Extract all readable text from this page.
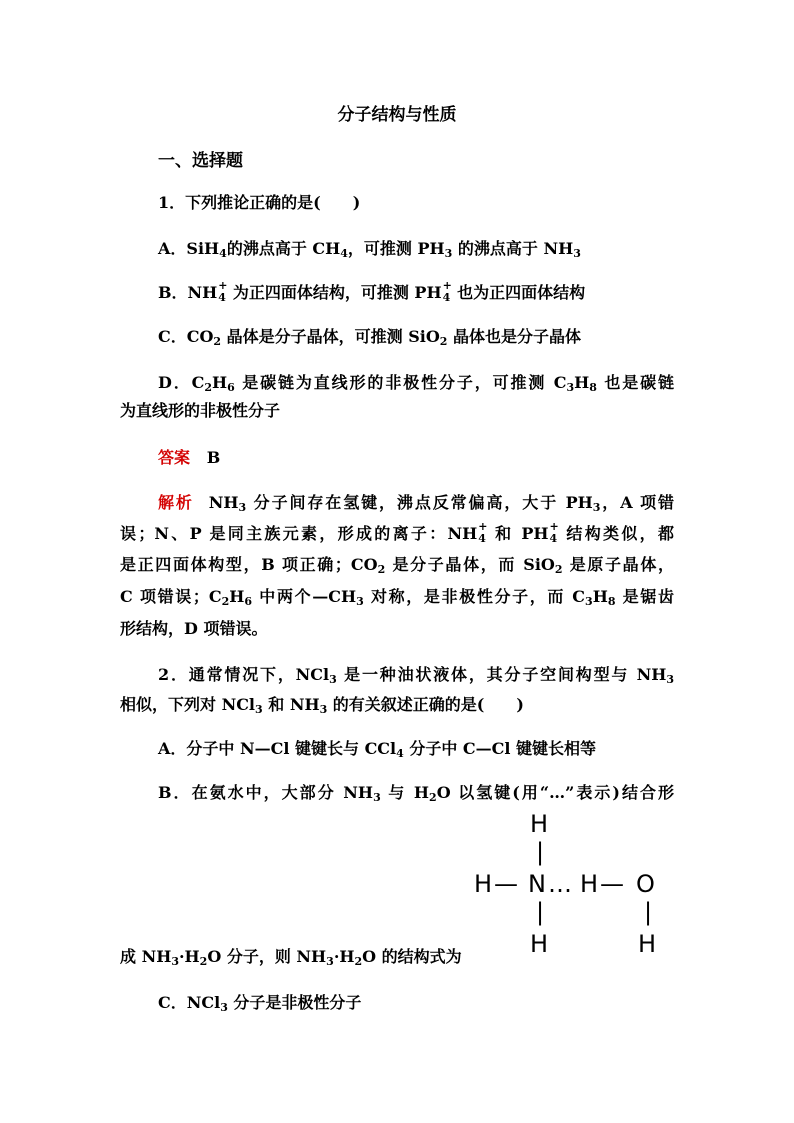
分子结构与性质
一、选择题
1．下列推论正确的是(　　)
A．SiH$_4$的沸点高于 $CH_4$，可推测 $PH_3$ 的沸点高于 $NH_3$
B．NH +
4 为正四面体结构，可推测 PH +
4 也为正四面体结构
C．$CO_2$ 晶体是分子晶体，可推测 SiO$_2$ 晶体也是分子晶体
D．$C_2H_6$ 是碳链为直线形的非极性分子，可推测 $C_3H_8$ 也是碳链
为直线形的非极性分子
答案 B
解析 $NH_3$ 分子间存在氢键，沸点反常偏高，大于 $PH_3$，A 项错
误；N、P 是同主族元素，形成的离子：NH +
4 和 PH +
4 结构类似，都
是正四面体构型，B 项正确；$CO_2$ 是分子晶体，而 SiO$_2$ 是原子晶体，
C 项错误；$C_2H_6$ 中两个$—CH_3$ 对称，是非极性分子，而 $C_3H_8$ 是锯齿
形结构，D 项错误。
2．通常情况下，NCl$_3$ 是一种油状液体，其分子空间构型与 $NH_3$
相似，下列对 NCl$_3$ 和 $NH_3$ 的有关叙述正确的是(　　)
A．分子中 N—Cl 键键长与 CCl$_4$ 分子中 C—Cl 键键长相等
B．在氨水中，大部分 $NH_3$ 与 $H_2O$ 以氢键(用“…”表示)结合形
成 $NH_3\cdot H_2O$ 分子，则 $NH_3\cdot H_2O$ 的结构式为
H
|
H — N … H — O
|	|
H	H
C．NCl$_3$ 分子是非极性分子
